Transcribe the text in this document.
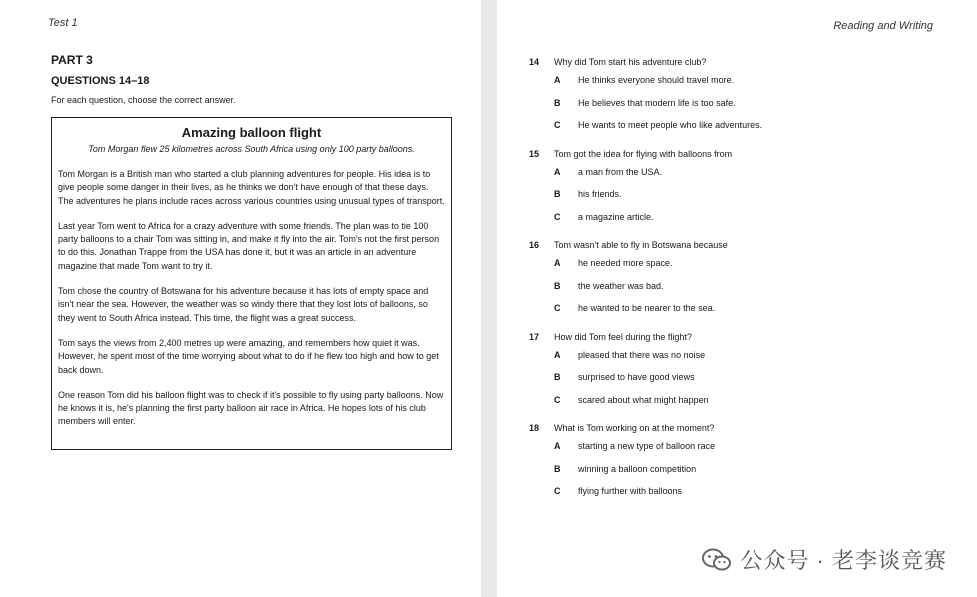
Test 1
PART 3
QUESTIONS 14–18
For each question, choose the correct answer.

Amazing balloon flight

Tom Morgan flew 25 kilometres across South Africa using only 100 party balloons.

Tom Morgan is a British man who started a club planning adventures for people. His idea is to give people some danger in their lives, as he thinks we don't have enough of that these days. The adventures he plans include races across various countries using unusual types of transport.

Last year Tom went to Africa for a crazy adventure with some friends. The plan was to tie 100 party balloons to a chair Tom was sitting in, and make it fly into the air. Tom's not the first person to do this. Jonathan Trappe from the USA has done it, but it was an article in an adventure magazine that made Tom want to try it.

Tom chose the country of Botswana for his adventure because it has lots of empty space and isn't near the sea. However, the weather was so windy there that they lost lots of balloons, so they went to South Africa instead. This time, the flight was a great success.

Tom says the views from 2,400 metres up were amazing, and remembers how quiet it was. However, he spent most of the time worrying about what to do if he flew too high and how to get back down.

One reason Tom did his balloon flight was to check if it's possible to fly using party balloons. Now he knows it is, he's planning the first party balloon air race in Africa. He hopes lots of his club members will enter.

Reading and Writing
14	Why did Tom start his adventure club?
A	He thinks everyone should travel more.
B	He believes that modern life is too safe.
C	He wants to meet people who like adventures.
15	Tom got the idea for flying with balloons from
A	a man from the USA.
B	his friends.
C	a magazine article.
16	Tom wasn't able to fly in Botswana because
A	he needed more space.
B	the weather was bad.
C	he wanted to be nearer to the sea.
17	How did Tom feel during the flight?
A	pleased that there was no noise
B	surprised to have good views
C	scared about what might happen
18	What is Tom working on at the moment?
A	starting a new type of balloon race
B	winning a balloon competition
C	flying further with balloons
公众号 · 老李谈竞赛
